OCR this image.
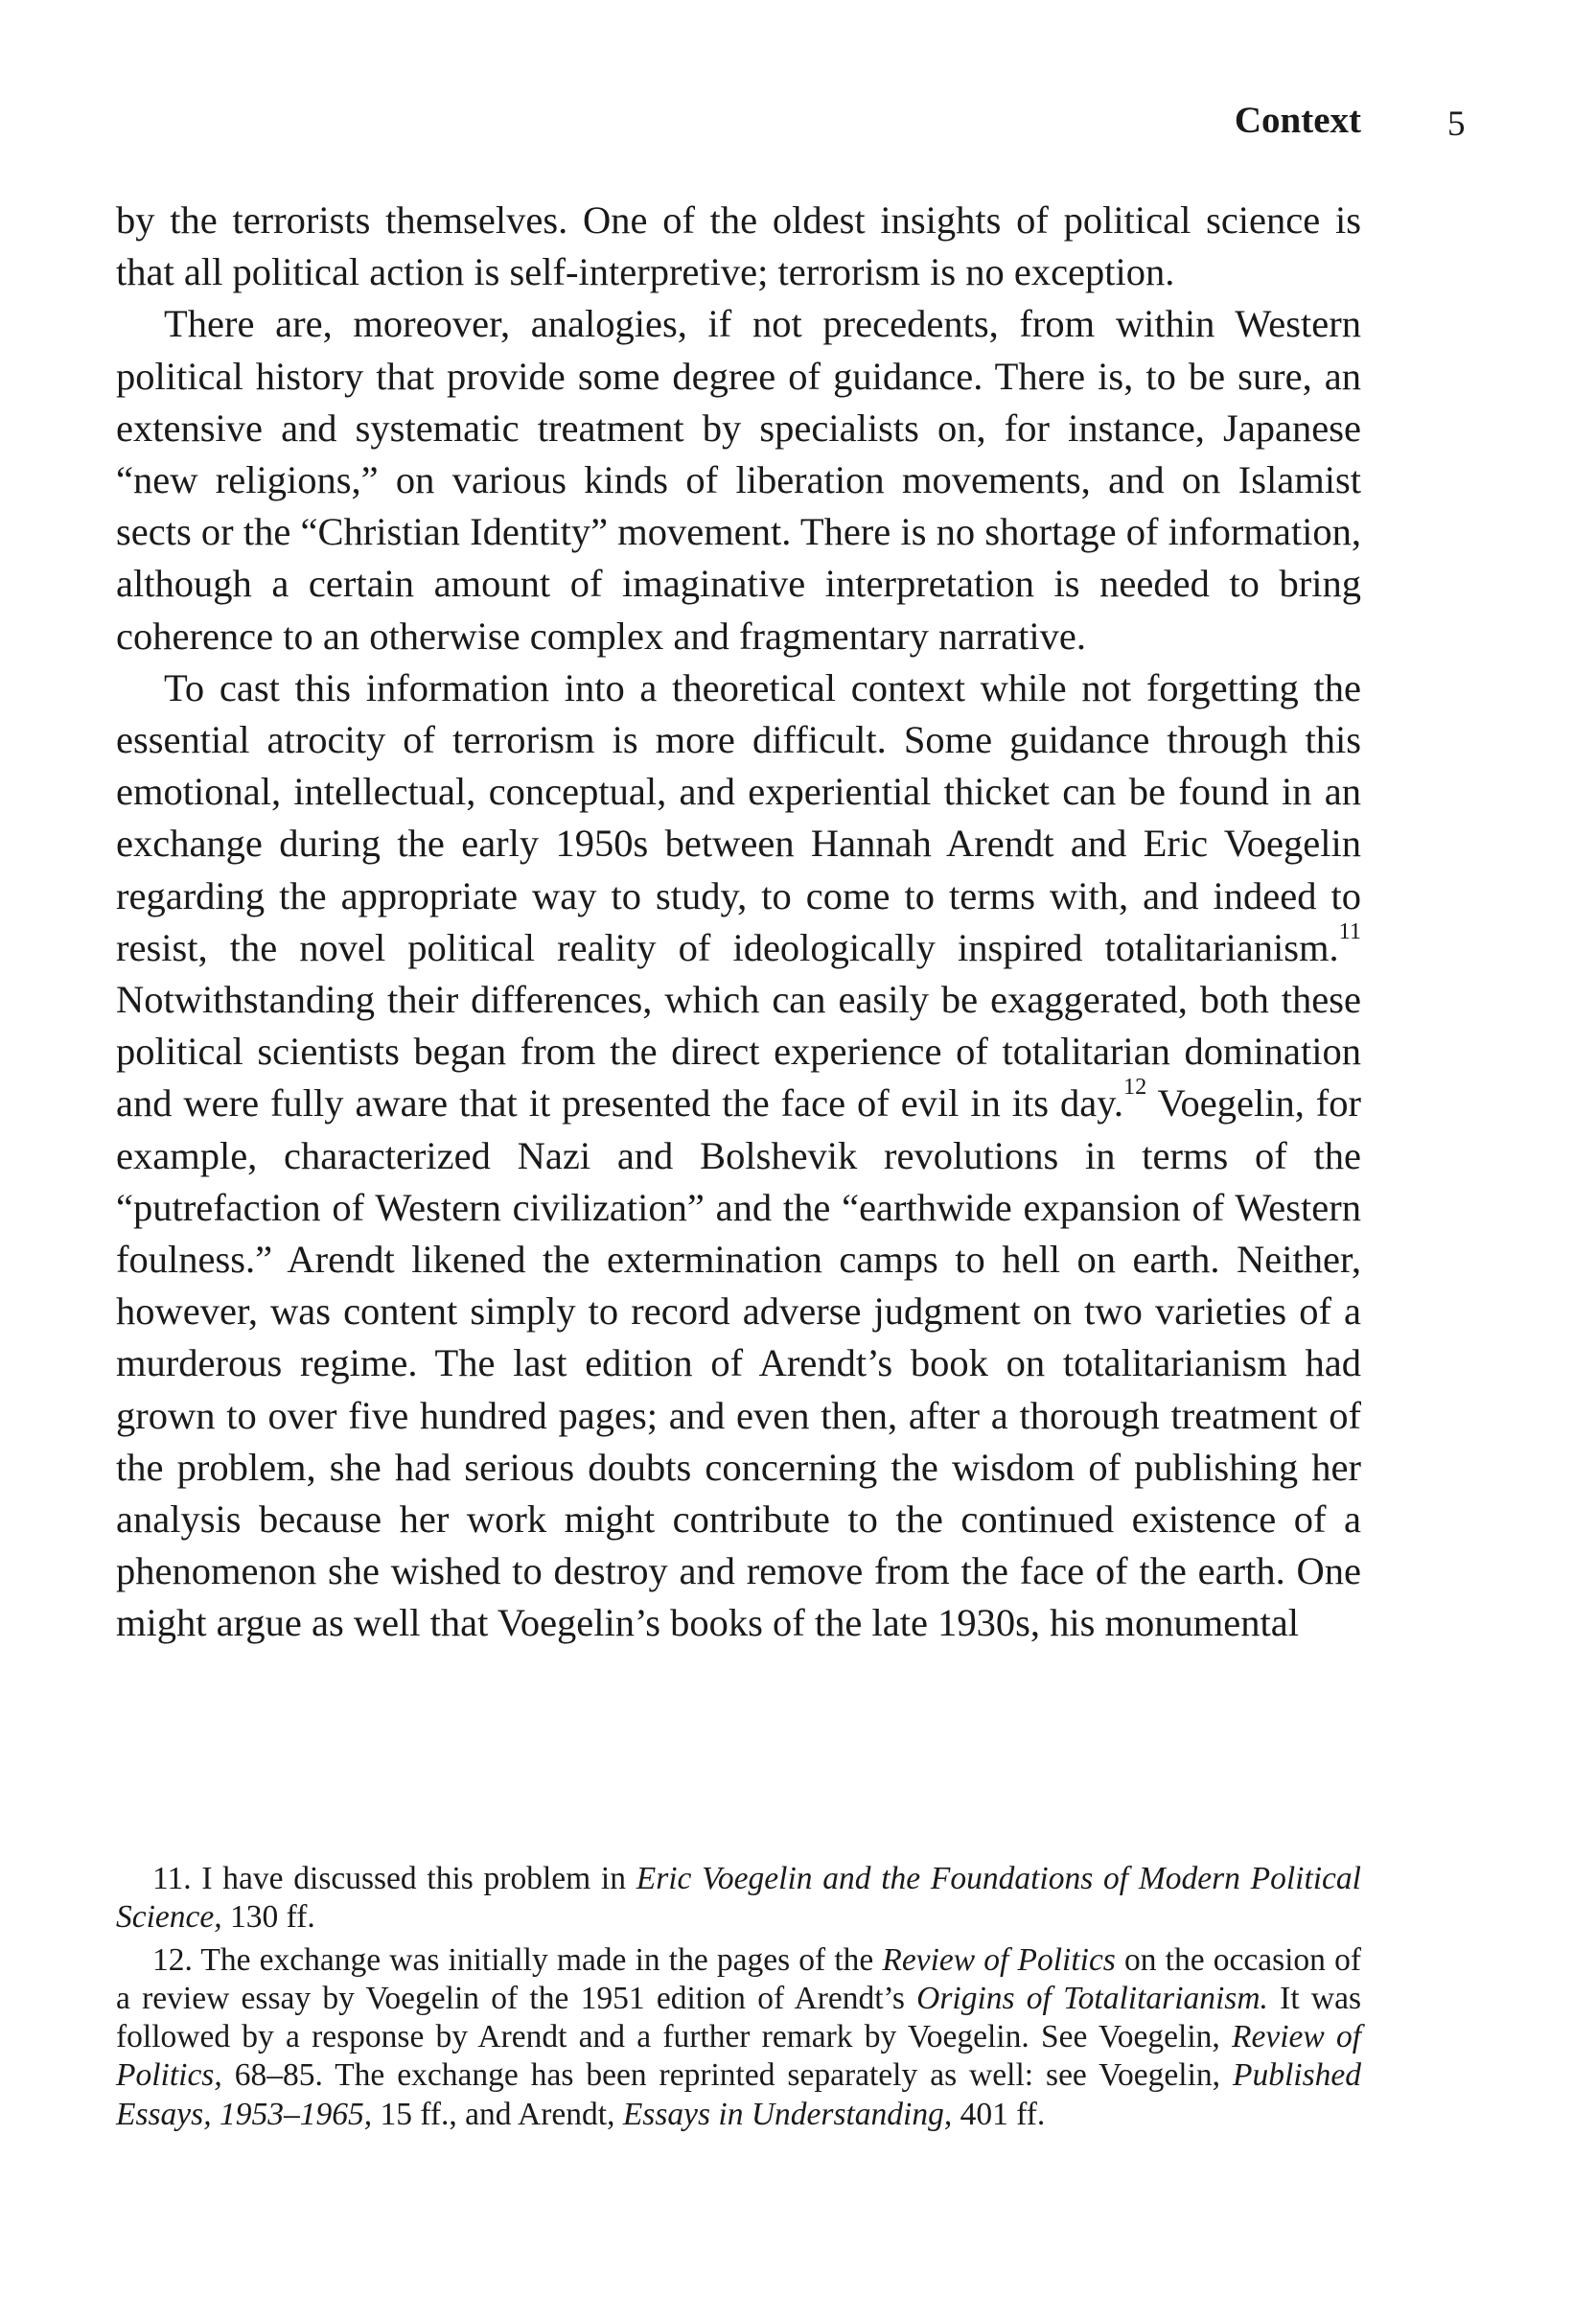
Context 5

by the terrorists themselves. One of the oldest insights of political science is that all political action is self-interpretive; terrorism is no exception.

There are, moreover, analogies, if not precedents, from within Western political history that provide some degree of guidance. There is, to be sure, an extensive and systematic treatment by specialists on, for instance, Japanese “new religions,” on various kinds of liberation movements, and on Islamist sects or the “Christian Identity” movement. There is no shortage of information, although a certain amount of imaginative interpretation is needed to bring coherence to an otherwise complex and fragmentary narrative.

To cast this information into a theoretical context while not forgetting the essential atrocity of terrorism is more difficult. Some guidance through this emotional, intellectual, conceptual, and experiential thicket can be found in an exchange during the early 1950s between Hannah Arendt and Eric Voegelin regarding the appropriate way to study, to come to terms with, and indeed to resist, the novel political reality of ideologically inspired totalitarianism.$^{11}$ Notwithstanding their differences, which can easily be exaggerated, both these political scientists began from the direct experience of totalitarian domination and were fully aware that it presented the face of evil in its day.$^{12}$ Voegelin, for example, characterized Nazi and Bolshevik revolutions in terms of the “putrefaction of Western civilization” and the “earthwide expansion of Western foulness.” Arendt likened the extermination camps to hell on earth. Neither, however, was content simply to record adverse judgment on two varieties of a murderous regime. The last edition of Arendt’s book on totalitarianism had grown to over five hundred pages; and even then, after a thorough treatment of the problem, she had serious doubts concerning the wisdom of publishing her analysis because her work might contribute to the continued existence of a phenomenon she wished to destroy and remove from the face of the earth. One might argue as well that Voegelin’s books of the late 1930s, his monumental

11. I have discussed this problem in Eric Voegelin and the Foundations of Modern Political Science, 130 ff.

12. The exchange was initially made in the pages of the Review of Politics on the occasion of a review essay by Voegelin of the 1951 edition of Arendt’s Origins of Totalitarianism. It was followed by a response by Arendt and a further remark by Voegelin. See Voegelin, Review of Politics, 68–85. The exchange has been reprinted separately as well: see Voegelin, Published Essays, 1953–1965, 15 ff., and Arendt, Essays in Understanding, 401 ff.
